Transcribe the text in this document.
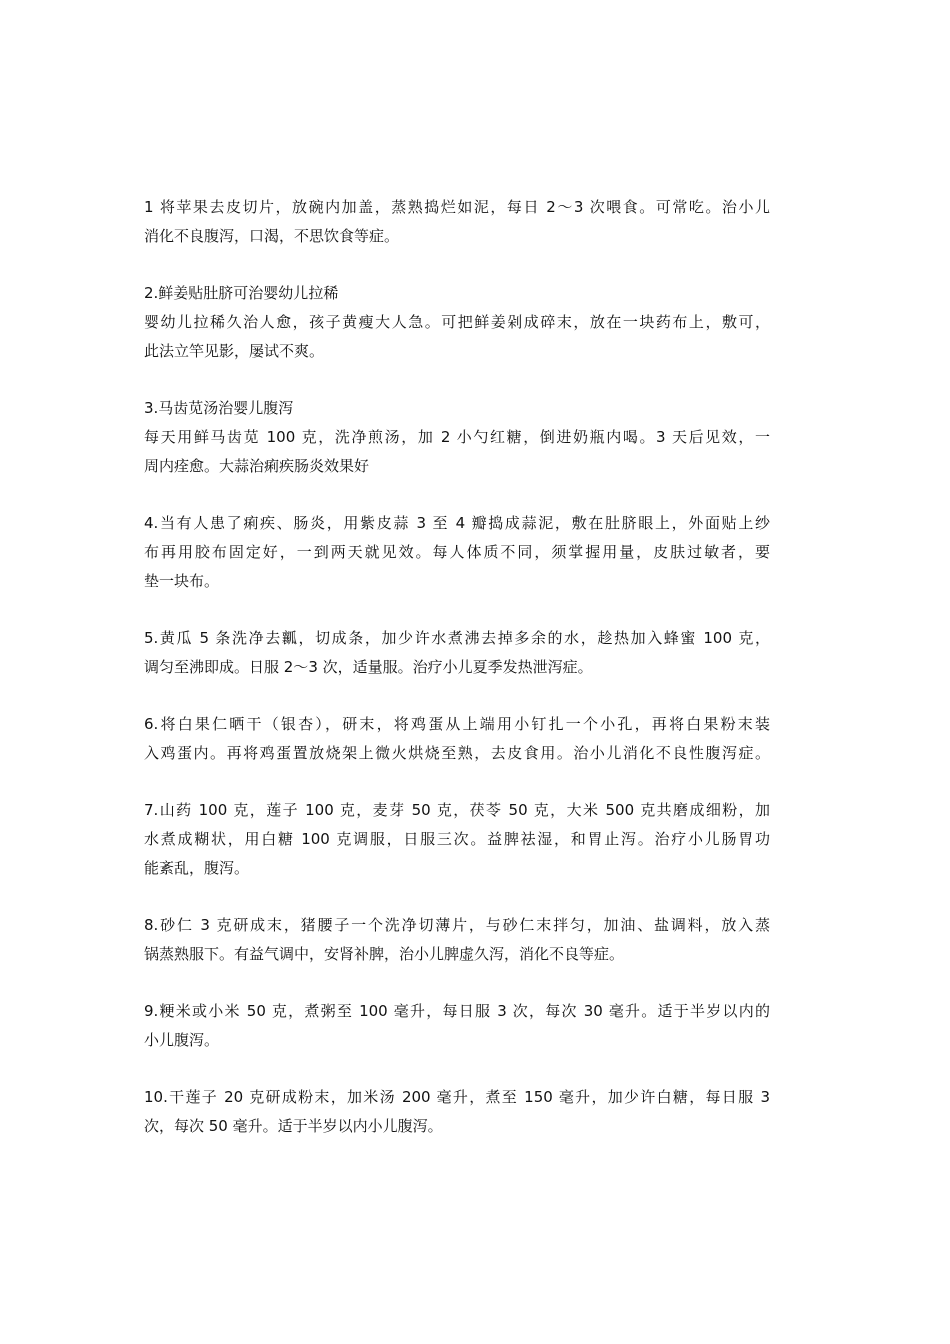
1 将苹果去皮切片，放碗内加盖，蒸熟捣烂如泥，每日 2～3 次喂食。可常吃。治小儿
消化不良腹泻，口渴，不思饮食等症。
2.鲜姜贴肚脐可治婴幼儿拉稀
婴幼儿拉稀久治人愈，孩子黄瘦大人急。可把鲜姜剁成碎末，放在一块药布上，敷可，
此法立竿见影，屡试不爽。
3.马齿苋汤治婴儿腹泻
每天用鲜马齿苋 100 克，洗净煎汤，加 2 小勺红糖，倒进奶瓶内喝。3 天后见效，一
周内痊愈。大蒜治痢疾肠炎效果好
4.当有人患了痢疾、肠炎，用紫皮蒜 3 至 4 瓣捣成蒜泥，敷在肚脐眼上，外面贴上纱
布再用胶布固定好，一到两天就见效。每人体质不同，须掌握用量，皮肤过敏者，要
垫一块布。
5.黄瓜 5 条洗净去瓤，切成条，加少许水煮沸去掉多余的水，趁热加入蜂蜜 100 克，
调匀至沸即成。日服 2～3 次，适量服。治疗小儿夏季发热泄泻症。
6.将白果仁晒干（银杏），研末，将鸡蛋从上端用小钉扎一个小孔，再将白果粉末装
入鸡蛋内。再将鸡蛋置放烧架上微火烘烧至熟，去皮食用。治小儿消化不良性腹泻症。
7.山药 100 克，莲子 100 克，麦芽 50 克，茯苓 50 克，大米 500 克共磨成细粉，加
水煮成糊状，用白糖 100 克调服，日服三次。益脾祛湿，和胃止泻。治疗小儿肠胃功
能紊乱，腹泻。
8.砂仁 3 克研成末，猪腰子一个洗净切薄片，与砂仁末拌匀，加油、盐调料，放入蒸
锅蒸熟服下。有益气调中，安肾补脾，治小儿脾虚久泻，消化不良等症。
9.粳米或小米 50 克，煮粥至 100 毫升，每日服 3 次，每次 30 毫升。适于半岁以内的
小儿腹泻。
10.干莲子 20 克研成粉末，加米汤 200 毫升，煮至 150 毫升，加少许白糖，每日服 3
次，每次 50 毫升。适于半岁以内小儿腹泻。
